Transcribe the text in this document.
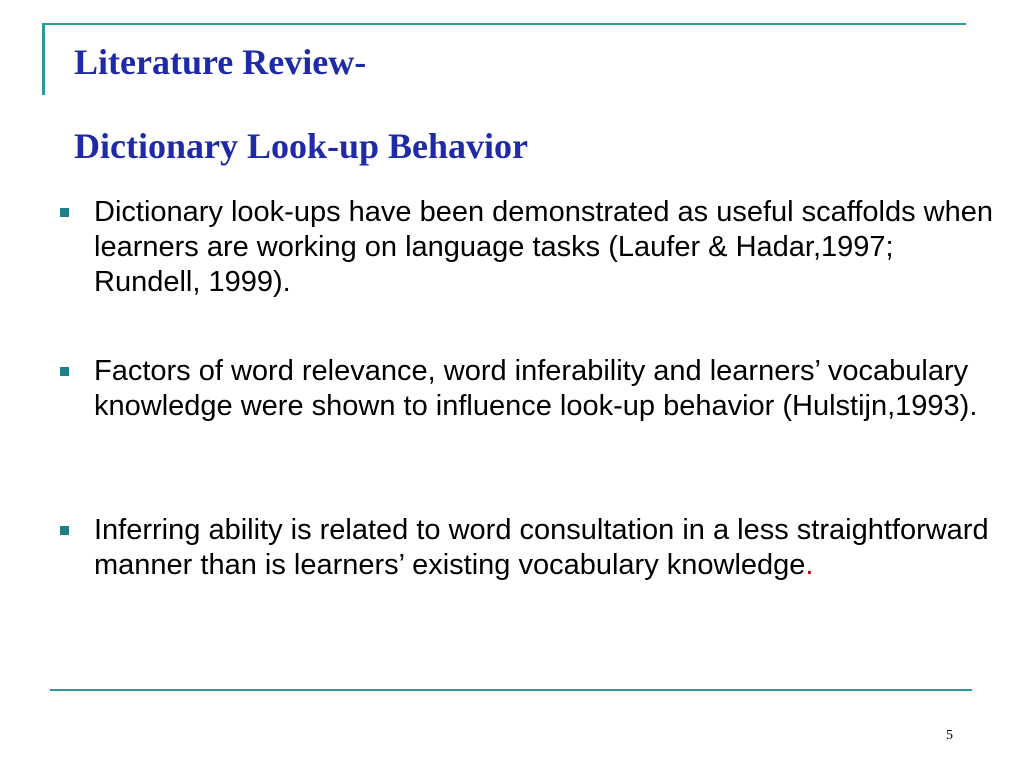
Literature Review-
Dictionary Look-up Behavior
Dictionary look-ups have been demonstrated as useful scaffolds when learners are working on language tasks (Laufer & Hadar,1997; Rundell, 1999).
Factors of word relevance, word inferability and learners’ vocabulary knowledge were shown to influence look-up behavior (Hulstijn,1993).
Inferring ability is related to word consultation in a less straightforward manner than is learners’ existing vocabulary knowledge.
5
